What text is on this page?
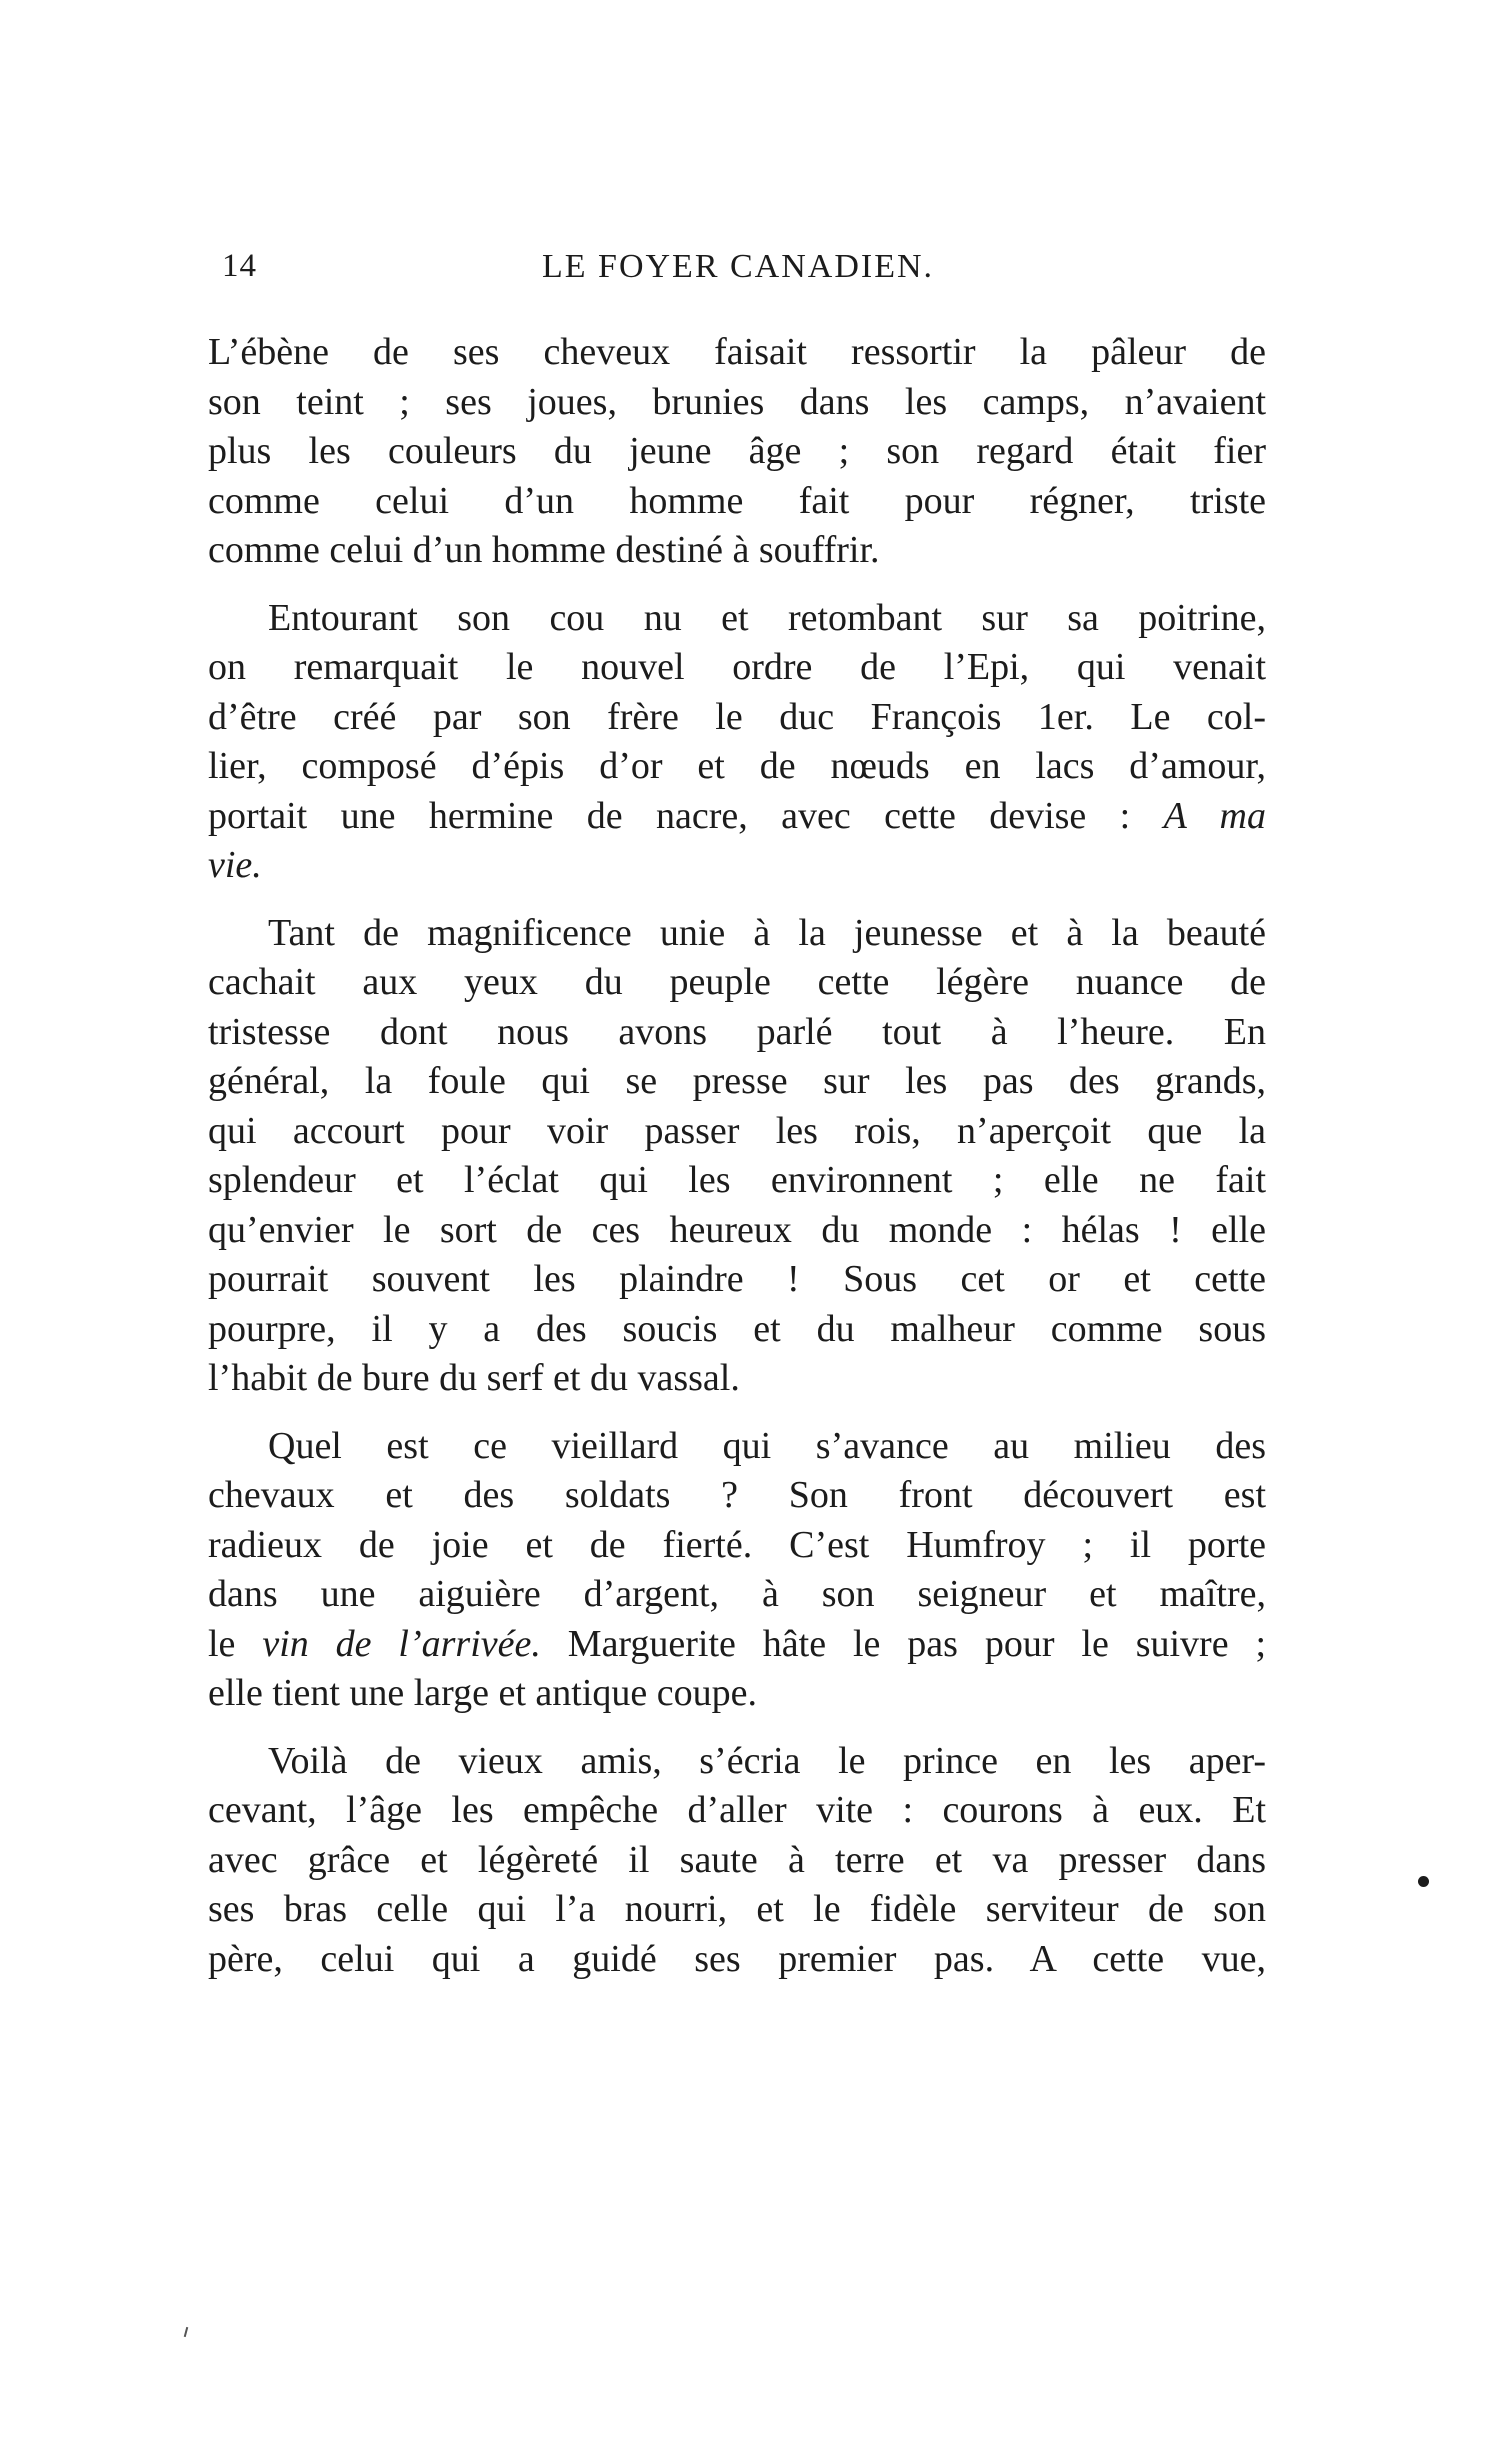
14	LE FOYER CANADIEN.

L’ébène de ses cheveux faisait ressortir la pâleur de
son teint ; ses joues, brunies dans les camps, n’avaient
plus les couleurs du jeune âge ; son regard était fier
comme celui d’un homme fait pour régner, triste
comme celui d’un homme destiné à souffrir.

Entourant son cou nu et retombant sur sa poitrine,
on remarquait le nouvel ordre de l’Epi, qui venait
d’être créé par son frère le duc François 1er. Le col-
lier, composé d’épis d’or et de nœuds en lacs d’amour,
portait une hermine de nacre, avec cette devise : A ma
vie.

Tant de magnificence unie à la jeunesse et à la beauté
cachait aux yeux du peuple cette légère nuance de
tristesse dont nous avons parlé tout à l’heure. En
général, la foule qui se presse sur les pas des grands,
qui accourt pour voir passer les rois, n’aperçoit que la
splendeur et l’éclat qui les environnent ; elle ne fait
qu’envier le sort de ces heureux du monde : hélas ! elle
pourrait souvent les plaindre ! Sous cet or et cette
pourpre, il y a des soucis et du malheur comme sous
l’habit de bure du serf et du vassal.

Quel est ce vieillard qui s’avance au milieu des
chevaux et des soldats ? Son front découvert est
radieux de joie et de fierté. C’est Humfroy ; il porte
dans une aiguière d’argent, à son seigneur et maître,
le vin de l’arrivée. Marguerite hâte le pas pour le suivre ;
elle tient une large et antique coupe.

Voilà de vieux amis, s’écria le prince en les aper-
cevant, l’âge les empêche d’aller vite : courons à eux. Et
avec grâce et légèreté il saute à terre et va presser dans
ses bras celle qui l’a nourri, et le fidèle serviteur de son
père, celui qui a guidé ses premier pas. A cette vue,
